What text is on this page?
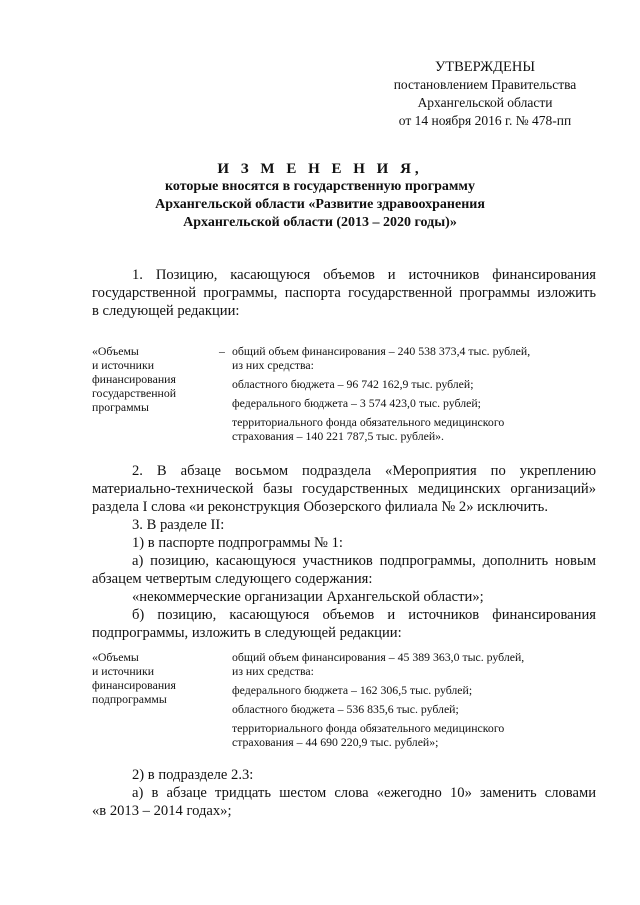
УТВЕРЖДЕНЫ
постановлением Правительства
Архангельской области
от 14 ноября 2016 г. № 478-пп
И З М Е Н Е Н И Я,
которые вносятся в государственную программу
Архангельской области «Развитие здравоохранения
Архангельской области (2013 – 2020 годы)»
1. Позицию, касающуюся объемов и источников финансирования
государственной программы, паспорта государственной программы изложить
в следующей редакции:
«Объемы
и источники
финансирования
государственной
программы
– общий объем финансирования – 240 538 373,4 тыс. рублей,
из них средства:
областного бюджета – 96 742 162,9 тыс. рублей;
федерального бюджета – 3 574 423,0 тыс. рублей;
территориального фонда обязательного медицинского
страхования – 140 221 787,5 тыс. рублей».
2. В абзаце восьмом подраздела «Мероприятия по укреплению
материально-технической базы государственных медицинских организаций»
раздела I слова «и реконструкция Обозерского филиала № 2» исключить.
3. В разделе II:
1) в паспорте подпрограммы № 1:
а) позицию, касающуюся участников подпрограммы, дополнить новым
абзацем четвертым следующего содержания:
«некоммерческие организации Архангельской области»;
б) позицию, касающуюся объемов и источников финансирования
подпрограммы, изложить в следующей редакции:
«Объемы
и источники
финансирования
подпрограммы
общий объем финансирования – 45 389 363,0 тыс. рублей,
из них средства:
федерального бюджета – 162 306,5 тыс. рублей;
областного бюджета – 536 835,6 тыс. рублей;
территориального фонда обязательного медицинского
страхования – 44 690 220,9 тыс. рублей»;
2) в подразделе 2.3:
а) в абзаце тридцать шестом слова «ежегодно 10» заменить словами
«в 2013 – 2014 годах»;
